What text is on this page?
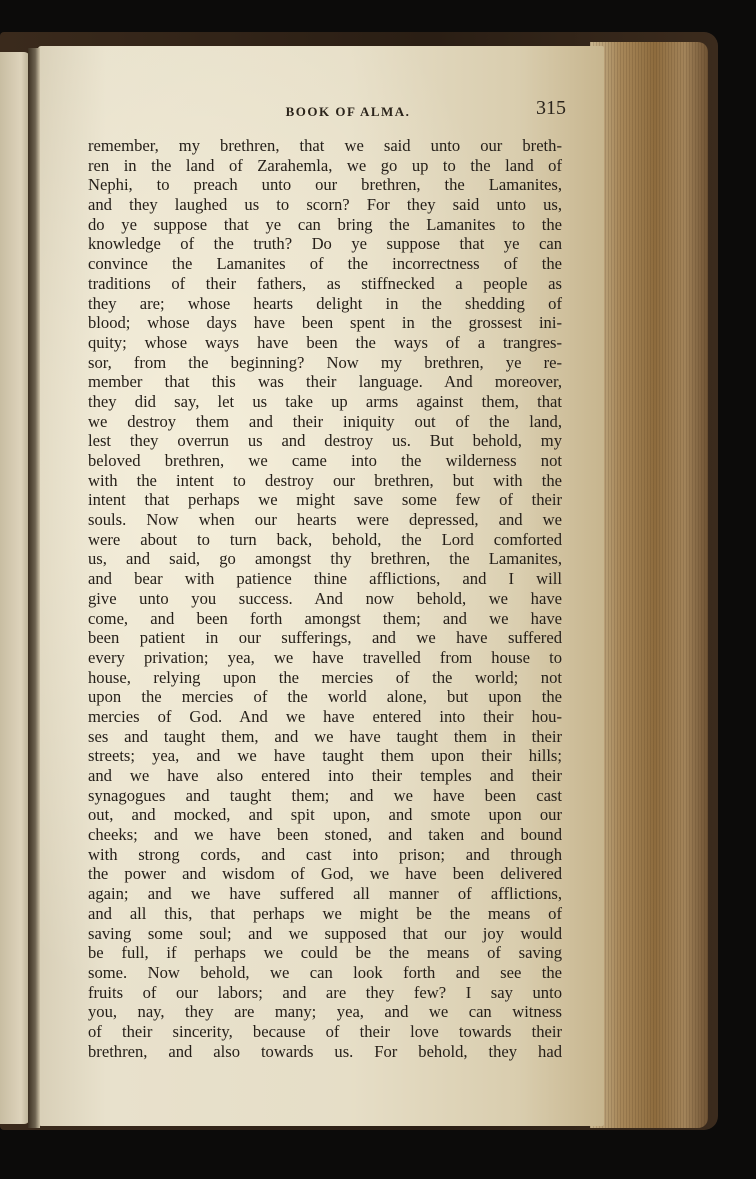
BOOK OF ALMA.	315
remember, my brethren, that we said unto our breth-
ren in the land of Zarahemla, we go up to the land of
Nephi, to preach unto our brethren, the Lamanites,
and they laughed us to scorn? For they said unto us,
do ye suppose that ye can bring the Lamanites to the
knowledge of the truth? Do ye suppose that ye can
convince the Lamanites of the incorrectness of the
traditions of their fathers, as stiffnecked a people as
they are; whose hearts delight in the shedding of
blood; whose days have been spent in the grossest ini-
quity; whose ways have been the ways of a trangres-
sor, from the beginning? Now my brethren, ye re-
member that this was their language. And moreover,
they did say, let us take up arms against them, that
we destroy them and their iniquity out of the land,
lest they overrun us and destroy us. But behold, my
beloved brethren, we came into the wilderness not
with the intent to destroy our brethren, but with the
intent that perhaps we might save some few of their
souls. Now when our hearts were depressed, and we
were about to turn back, behold, the Lord comforted
us, and said, go amongst thy brethren, the Lamanites,
and bear with patience thine afflictions, and I will
give unto you success. And now behold, we have
come, and been forth amongst them; and we have
been patient in our sufferings, and we have suffered
every privation; yea, we have travelled from house to
house, relying upon the mercies of the world; not
upon the mercies of the world alone, but upon the
mercies of God. And we have entered into their hou-
ses and taught them, and we have taught them in their
streets; yea, and we have taught them upon their hills;
and we have also entered into their temples and their
synagogues and taught them; and we have been cast
out, and mocked, and spit upon, and smote upon our
cheeks; and we have been stoned, and taken and bound
with strong cords, and cast into prison; and through
the power and wisdom of God, we have been delivered
again; and we have suffered all manner of afflictions,
and all this, that perhaps we might be the means of
saving some soul; and we supposed that our joy would
be full, if perhaps we could be the means of saving
some. Now behold, we can look forth and see the
fruits of our labors; and are they few? I say unto
you, nay, they are many; yea, and we can witness
of their sincerity, because of their love towards their
brethren, and also towards us. For behold, they had
